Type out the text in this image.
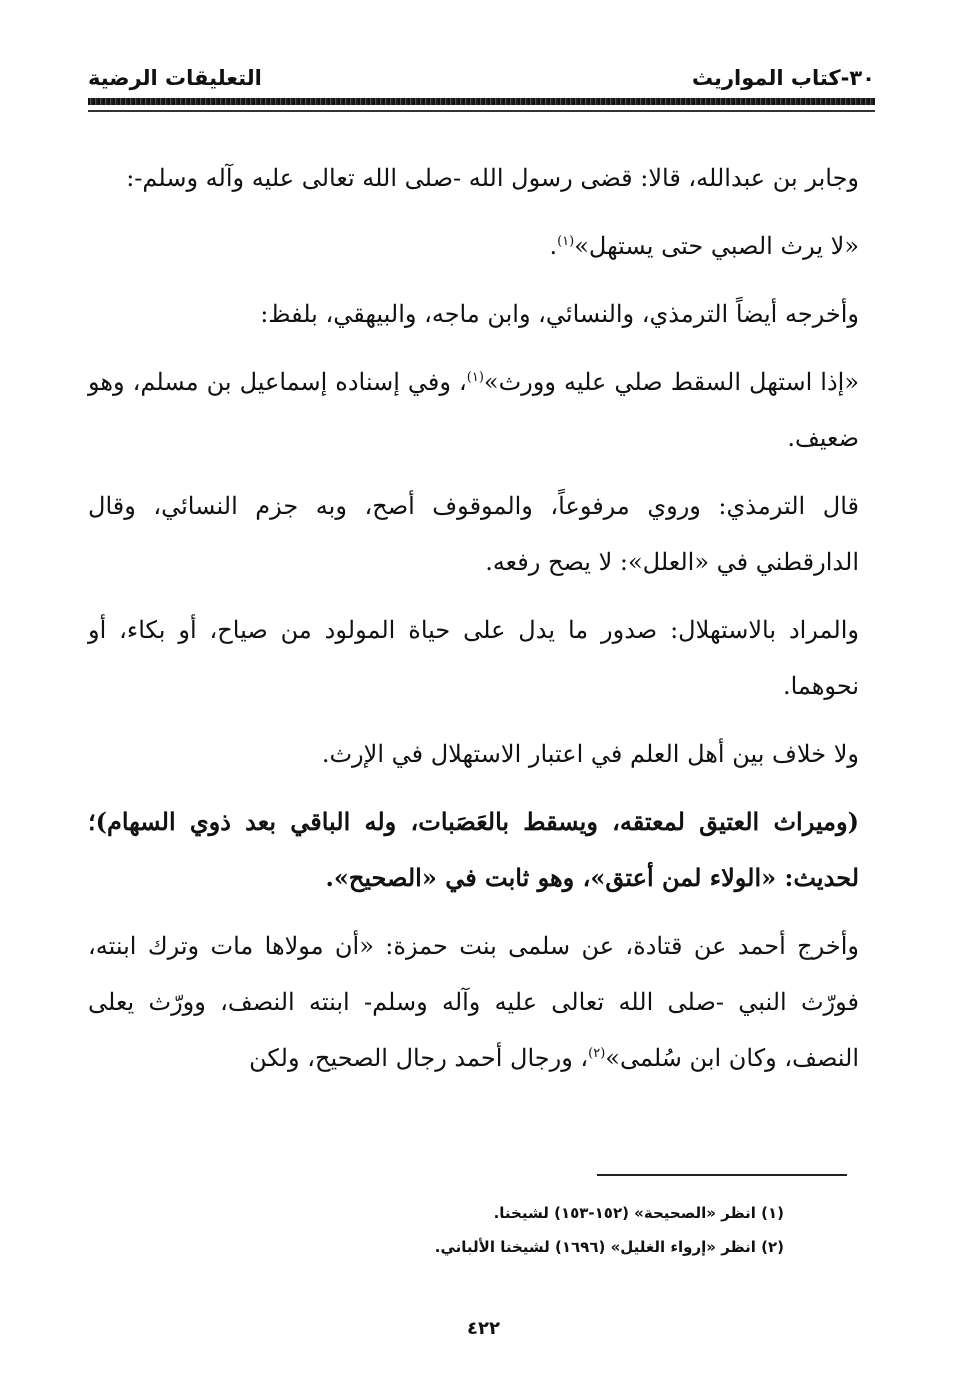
٣٠-كتاب المواريث
التعليقات الرضية

وجابر بن عبدالله، قالا: قضى رسول الله -صلى الله تعالى عليه وآله وسلم-:

«لا يرث الصبي حتى يستهل»$^{(١)}$.

وأخرجه أيضاً الترمذي، والنسائي، وابن ماجه، والبيهقي، بلفظ:

«إذا استهل السقط صلي عليه وورث»$^{(١)}$، وفي إسناده إسماعيل بن مسلم، وهو ضعيف.

قال الترمذي: وروي مرفوعاً، والموقوف أصح، وبه جزم النسائي، وقال الدارقطني في «العلل»: لا يصح رفعه.

والمراد بالاستهلال: صدور ما يدل على حياة المولود من صياح، أو بكاء، أو نحوهما.

ولا خلاف بين أهل العلم في اعتبار الاستهلال في الإرث.

(وميراث العتيق لمعتقه، ويسقط بالعَصَبات، وله الباقي بعد ذوي السهام)؛ لحديث: «الولاء لمن أعتق»، وهو ثابت في «الصحيح».

وأخرج أحمد عن قتادة، عن سلمى بنت حمزة: «أن مولاها مات وترك ابنته، فورّث النبي -صلى الله تعالى عليه وآله وسلم- ابنته النصف، وورّث يعلى النصف، وكان ابن سُلمى»$^{(٢)}$، ورجال أحمد رجال الصحيح، ولكن

(١) انظر «الصحيحة» (١٥٢-١٥٣) لشيخنا.
(٢) انظر «إرواء الغليل» (١٦٩٦) لشيخنا الألباني.
٤٢٢
